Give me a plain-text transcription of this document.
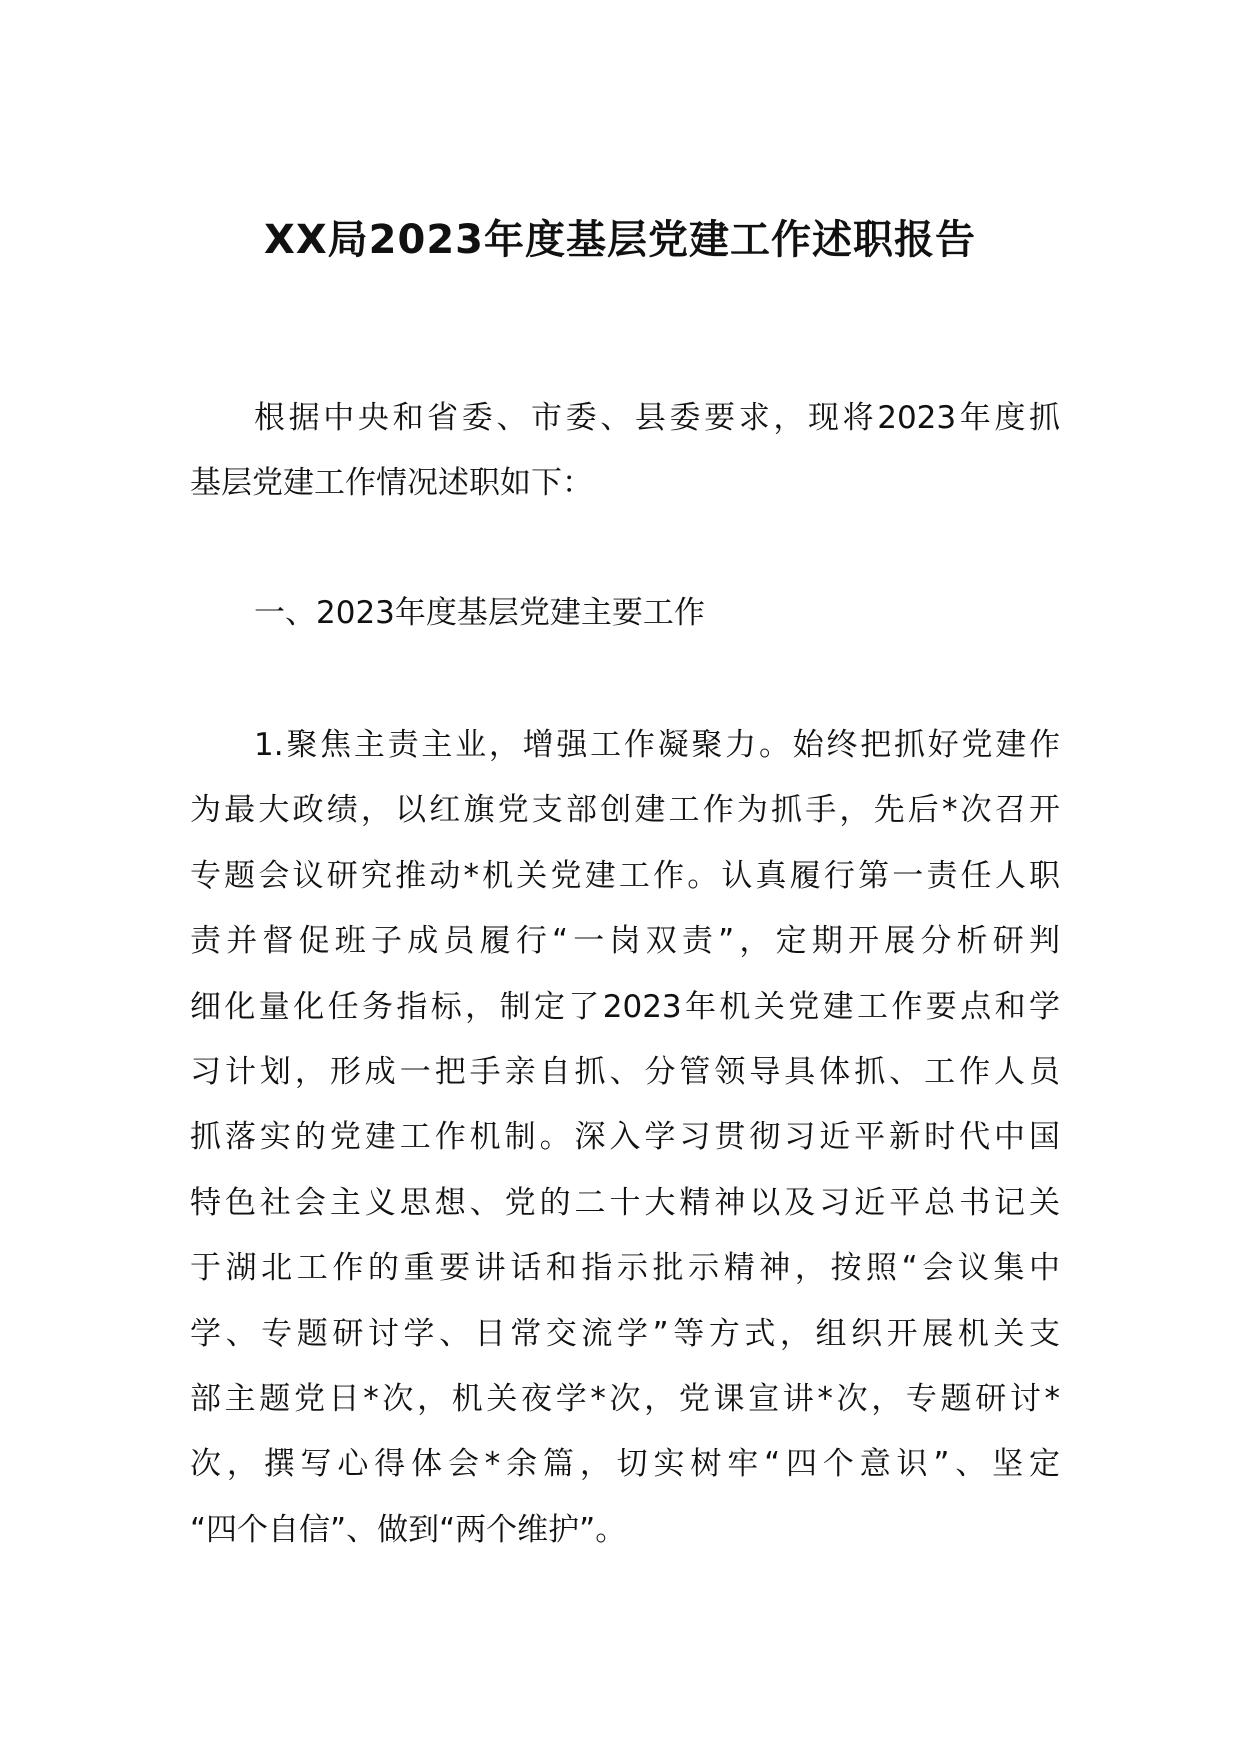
XX局2023年度基层党建工作述职报告
根据中央和省委、市委、县委要求，现将2023年度抓
基层党建工作情况述职如下：
一、2023年度基层党建主要工作
1.聚焦主责主业，增强工作凝聚力。始终把抓好党建作
为最大政绩，以红旗党支部创建工作为抓手，先后*次召开
专题会议研究推动*机关党建工作。认真履行第一责任人职
责并督促班子成员履行“一岗双责”，定期开展分析研判
细化量化任务指标，制定了2023年机关党建工作要点和学
习计划，形成一把手亲自抓、分管领导具体抓、工作人员
抓落实的党建工作机制。深入学习贯彻习近平新时代中国
特色社会主义思想、党的二十大精神以及习近平总书记关
于湖北工作的重要讲话和指示批示精神，按照“会议集中
学、专题研讨学、日常交流学”等方式，组织开展机关支
部主题党日*次，机关夜学*次，党课宣讲*次，专题研讨*
次，撰写心得体会*余篇，切实树牢“四个意识”、坚定
“四个自信”、做到“两个维护”。
